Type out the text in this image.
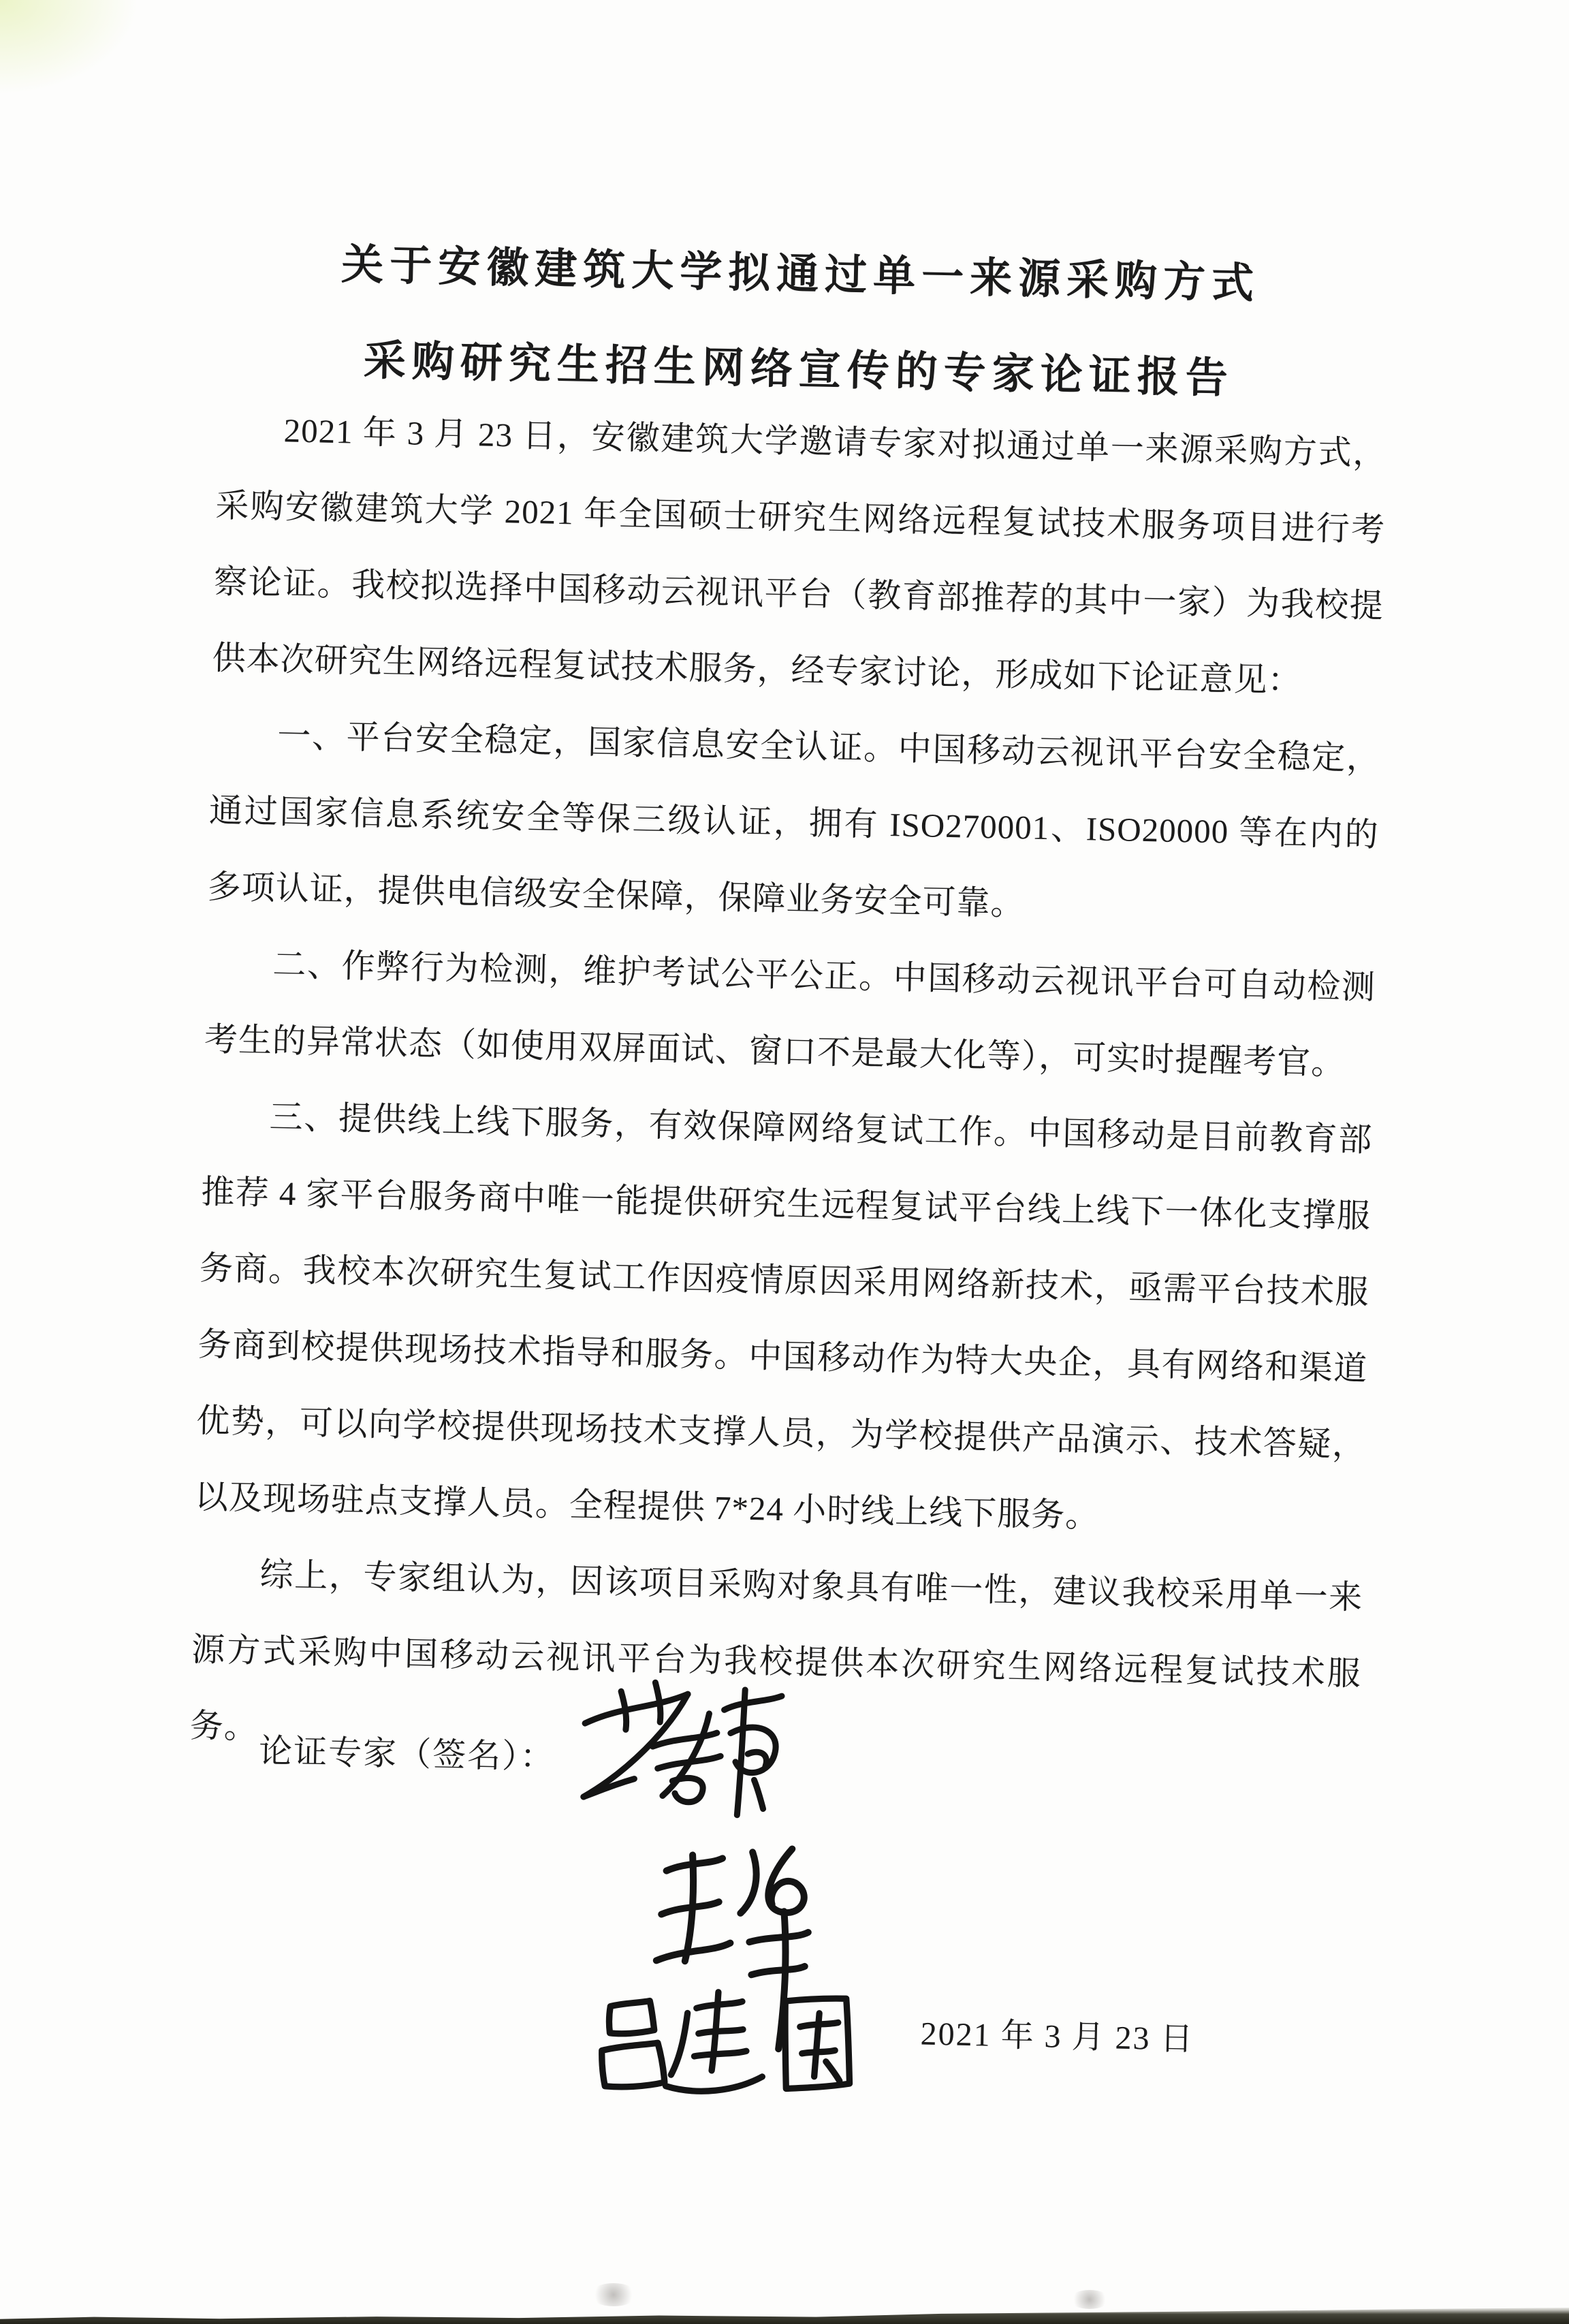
关于安徽建筑大学拟通过单一来源采购方式
采购研究生招生网络宣传的专家论证报告

2021 年 3 月 23 日，安徽建筑大学邀请专家对拟通过单一来源采购方式，采购安徽建筑大学 2021 年全国硕士研究生网络远程复试技术服务项目进行考察论证。我校拟选择中国移动云视讯平台（教育部推荐的其中一家）为我校提供本次研究生网络远程复试技术服务，经专家讨论，形成如下论证意见：

一、平台安全稳定，国家信息安全认证。中国移动云视讯平台安全稳定，通过国家信息系统安全等保三级认证，拥有 ISO270001、ISO20000 等在内的多项认证，提供电信级安全保障，保障业务安全可靠。

二、作弊行为检测，维护考试公平公正。中国移动云视讯平台可自动检测考生的异常状态（如使用双屏面试、窗口不是最大化等），可实时提醒考官。

三、提供线上线下服务，有效保障网络复试工作。中国移动是目前教育部推荐 4 家平台服务商中唯一能提供研究生远程复试平台线上线下一体化支撑服务商。我校本次研究生复试工作因疫情原因采用网络新技术，亟需平台技术服务商到校提供现场技术指导和服务。中国移动作为特大央企，具有网络和渠道优势，可以向学校提供现场技术支撑人员，为学校提供产品演示、技术答疑，以及现场驻点支撑人员。全程提供 7*24 小时线上线下服务。

综上，专家组认为，因该项目采购对象具有唯一性，建议我校采用单一来源方式采购中国移动云视讯平台为我校提供本次研究生网络远程复试技术服务。

论证专家（签名）：
2021 年 3 月 23 日
